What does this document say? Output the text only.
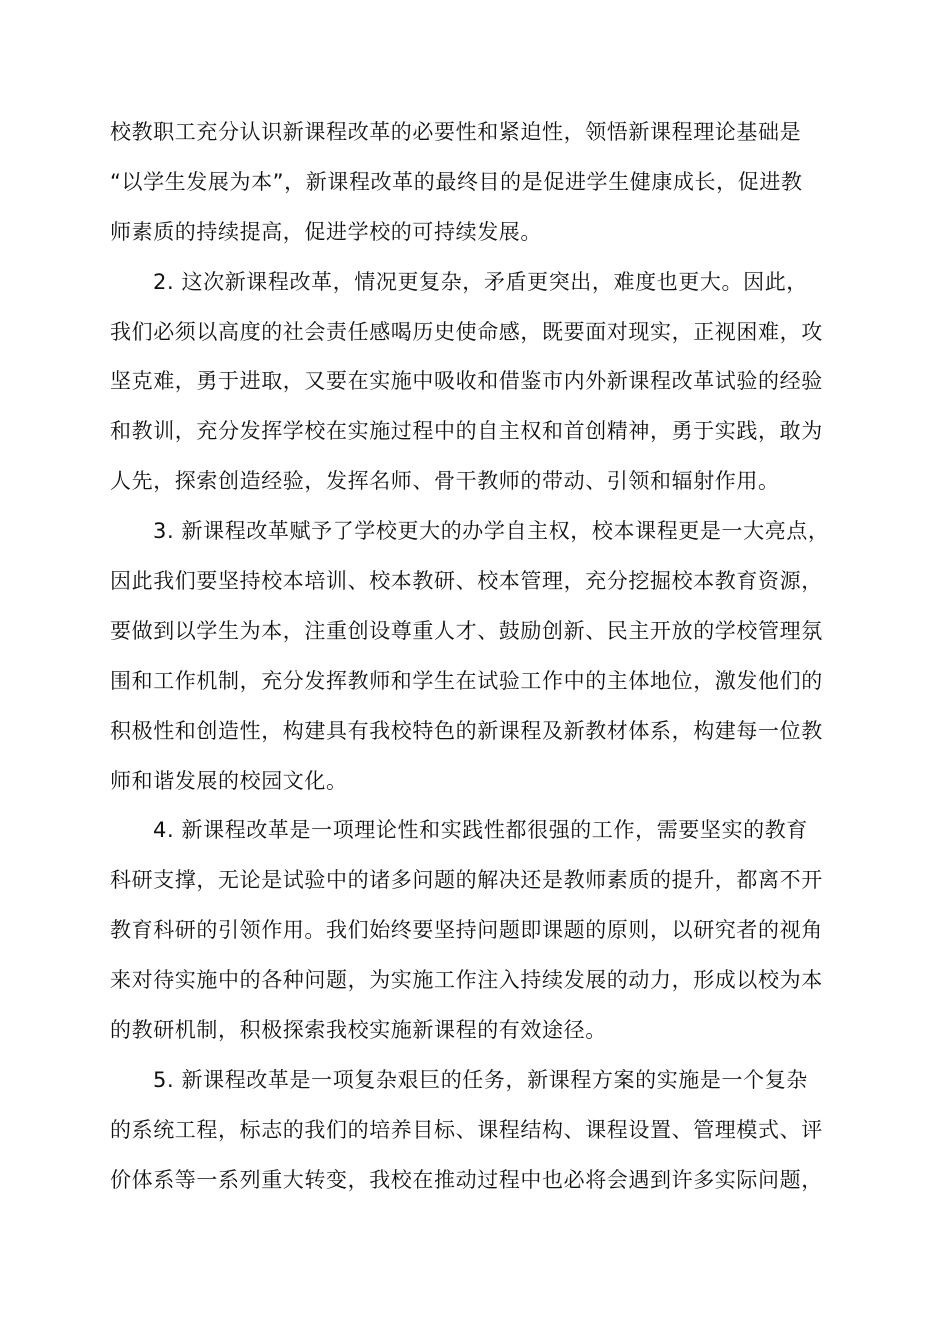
校教职工充分认识新课程改革的必要性和紧迫性，领悟新课程理论基础是
“以学生发展为本”，新课程改革的最终目的是促进学生健康成长，促进教
师素质的持续提高，促进学校的可持续发展。
2. 这次新课程改革，情况更复杂，矛盾更突出，难度也更大。因此，
我们必须以高度的社会责任感喝历史使命感，既要面对现实，正视困难，攻
坚克难，勇于进取，又要在实施中吸收和借鉴市内外新课程改革试验的经验
和教训，充分发挥学校在实施过程中的自主权和首创精神，勇于实践，敢为
人先，探索创造经验，发挥名师、骨干教师的带动、引领和辐射作用。
3. 新课程改革赋予了学校更大的办学自主权，校本课程更是一大亮点，
因此我们要坚持校本培训、校本教研、校本管理，充分挖掘校本教育资源，
要做到以学生为本，注重创设尊重人才、鼓励创新、民主开放的学校管理氛
围和工作机制，充分发挥教师和学生在试验工作中的主体地位，激发他们的
积极性和创造性，构建具有我校特色的新课程及新教材体系，构建每一位教
师和谐发展的校园文化。
4. 新课程改革是一项理论性和实践性都很强的工作，需要坚实的教育
科研支撑，无论是试验中的诸多问题的解决还是教师素质的提升，都离不开
教育科研的引领作用。我们始终要坚持问题即课题的原则，以研究者的视角
来对待实施中的各种问题，为实施工作注入持续发展的动力，形成以校为本
的教研机制，积极探索我校实施新课程的有效途径。
5. 新课程改革是一项复杂艰巨的任务，新课程方案的实施是一个复杂
的系统工程，标志的我们的培养目标、课程结构、课程设置、管理模式、评
价体系等一系列重大转变，我校在推动过程中也必将会遇到许多实际问题，
